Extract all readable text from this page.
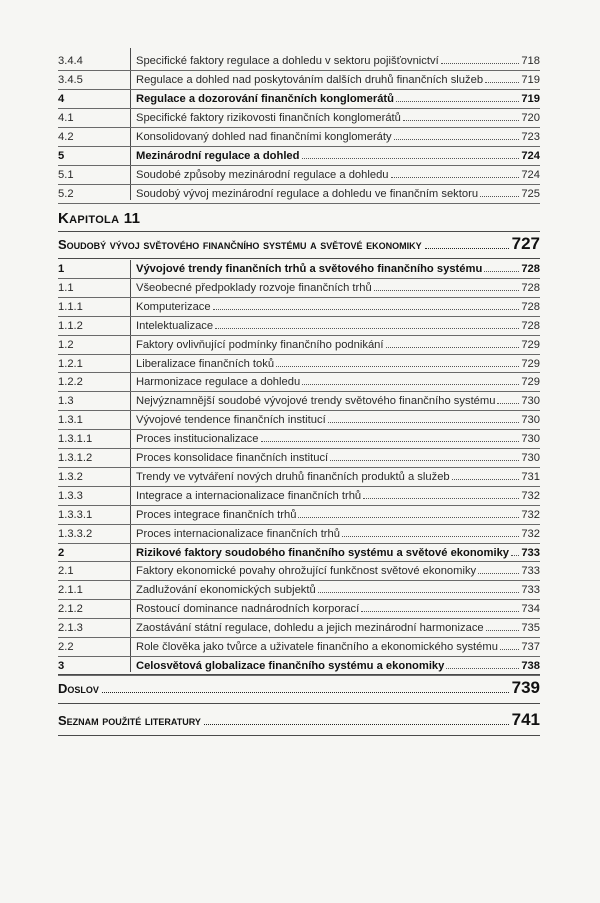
3.4.4	Specifické faktory regulace a dohledu v sektoru pojišťovnictví	718
3.4.5	Regulace a dohled nad poskytováním dalších druhů finančních služeb	719
4	Regulace a dozorování finančních konglomerátů	719
4.1	Specifické faktory rizikovosti finančních konglomerátů	720
4.2	Konsolidovaný dohled nad finančními konglomeráty	723
5	Mezinárodní regulace a dohled	724
5.1	Soudobé způsoby mezinárodní regulace a dohledu	724
5.2	Soudobý vývoj mezinárodní regulace a dohledu ve finančním sektoru	725
Kapitola 11
Soudobý vývoj světového finančního systému a světové ekonomiky	727
1	Vývojové trendy finančních trhů a světového finančního systému	728
1.1	Všeobecné předpoklady rozvoje finančních trhů	728
1.1.1	Komputerizace	728
1.1.2	Intelektualizace	728
1.2	Faktory ovlivňující podmínky finančního podnikání	729
1.2.1	Liberalizace finančních toků	729
1.2.2	Harmonizace regulace a dohledu	729
1.3	Nejvýznamnější soudobé vývojové trendy světového finančního systému 730
1.3.1	Vývojové tendence finančních institucí	730
1.3.1.1	Proces institucionalizace	730
1.3.1.2	Proces konsolidace finančních institucí	730
1.3.2	Trendy ve vytváření nových druhů finančních produktů a služeb	731
1.3.3	Integrace a internacionalizace finančních trhů	732
1.3.3.1	Proces integrace finančních trhů	732
1.3.3.2	Proces internacionalizace finančních trhů	732
2	Rizikové faktory soudobého finančního systému a světové ekonomiky 733
2.1	Faktory ekonomické povahy ohrožující funkčnost světové ekonomiky	733
2.1.1	Zadlužování ekonomických subjektů	733
2.1.2	Rostoucí dominance nadnárodních korporací	734
2.1.3	Zaostávání státní regulace, dohledu a jejich mezinárodní harmonizace	735
2.2	Role člověka jako tvůrce a uživatele finančního a ekonomického systému 737
3	Celosvětová globalizace finančního systému a ekonomiky	738
Doslov	739
Seznam použité literatury	741
